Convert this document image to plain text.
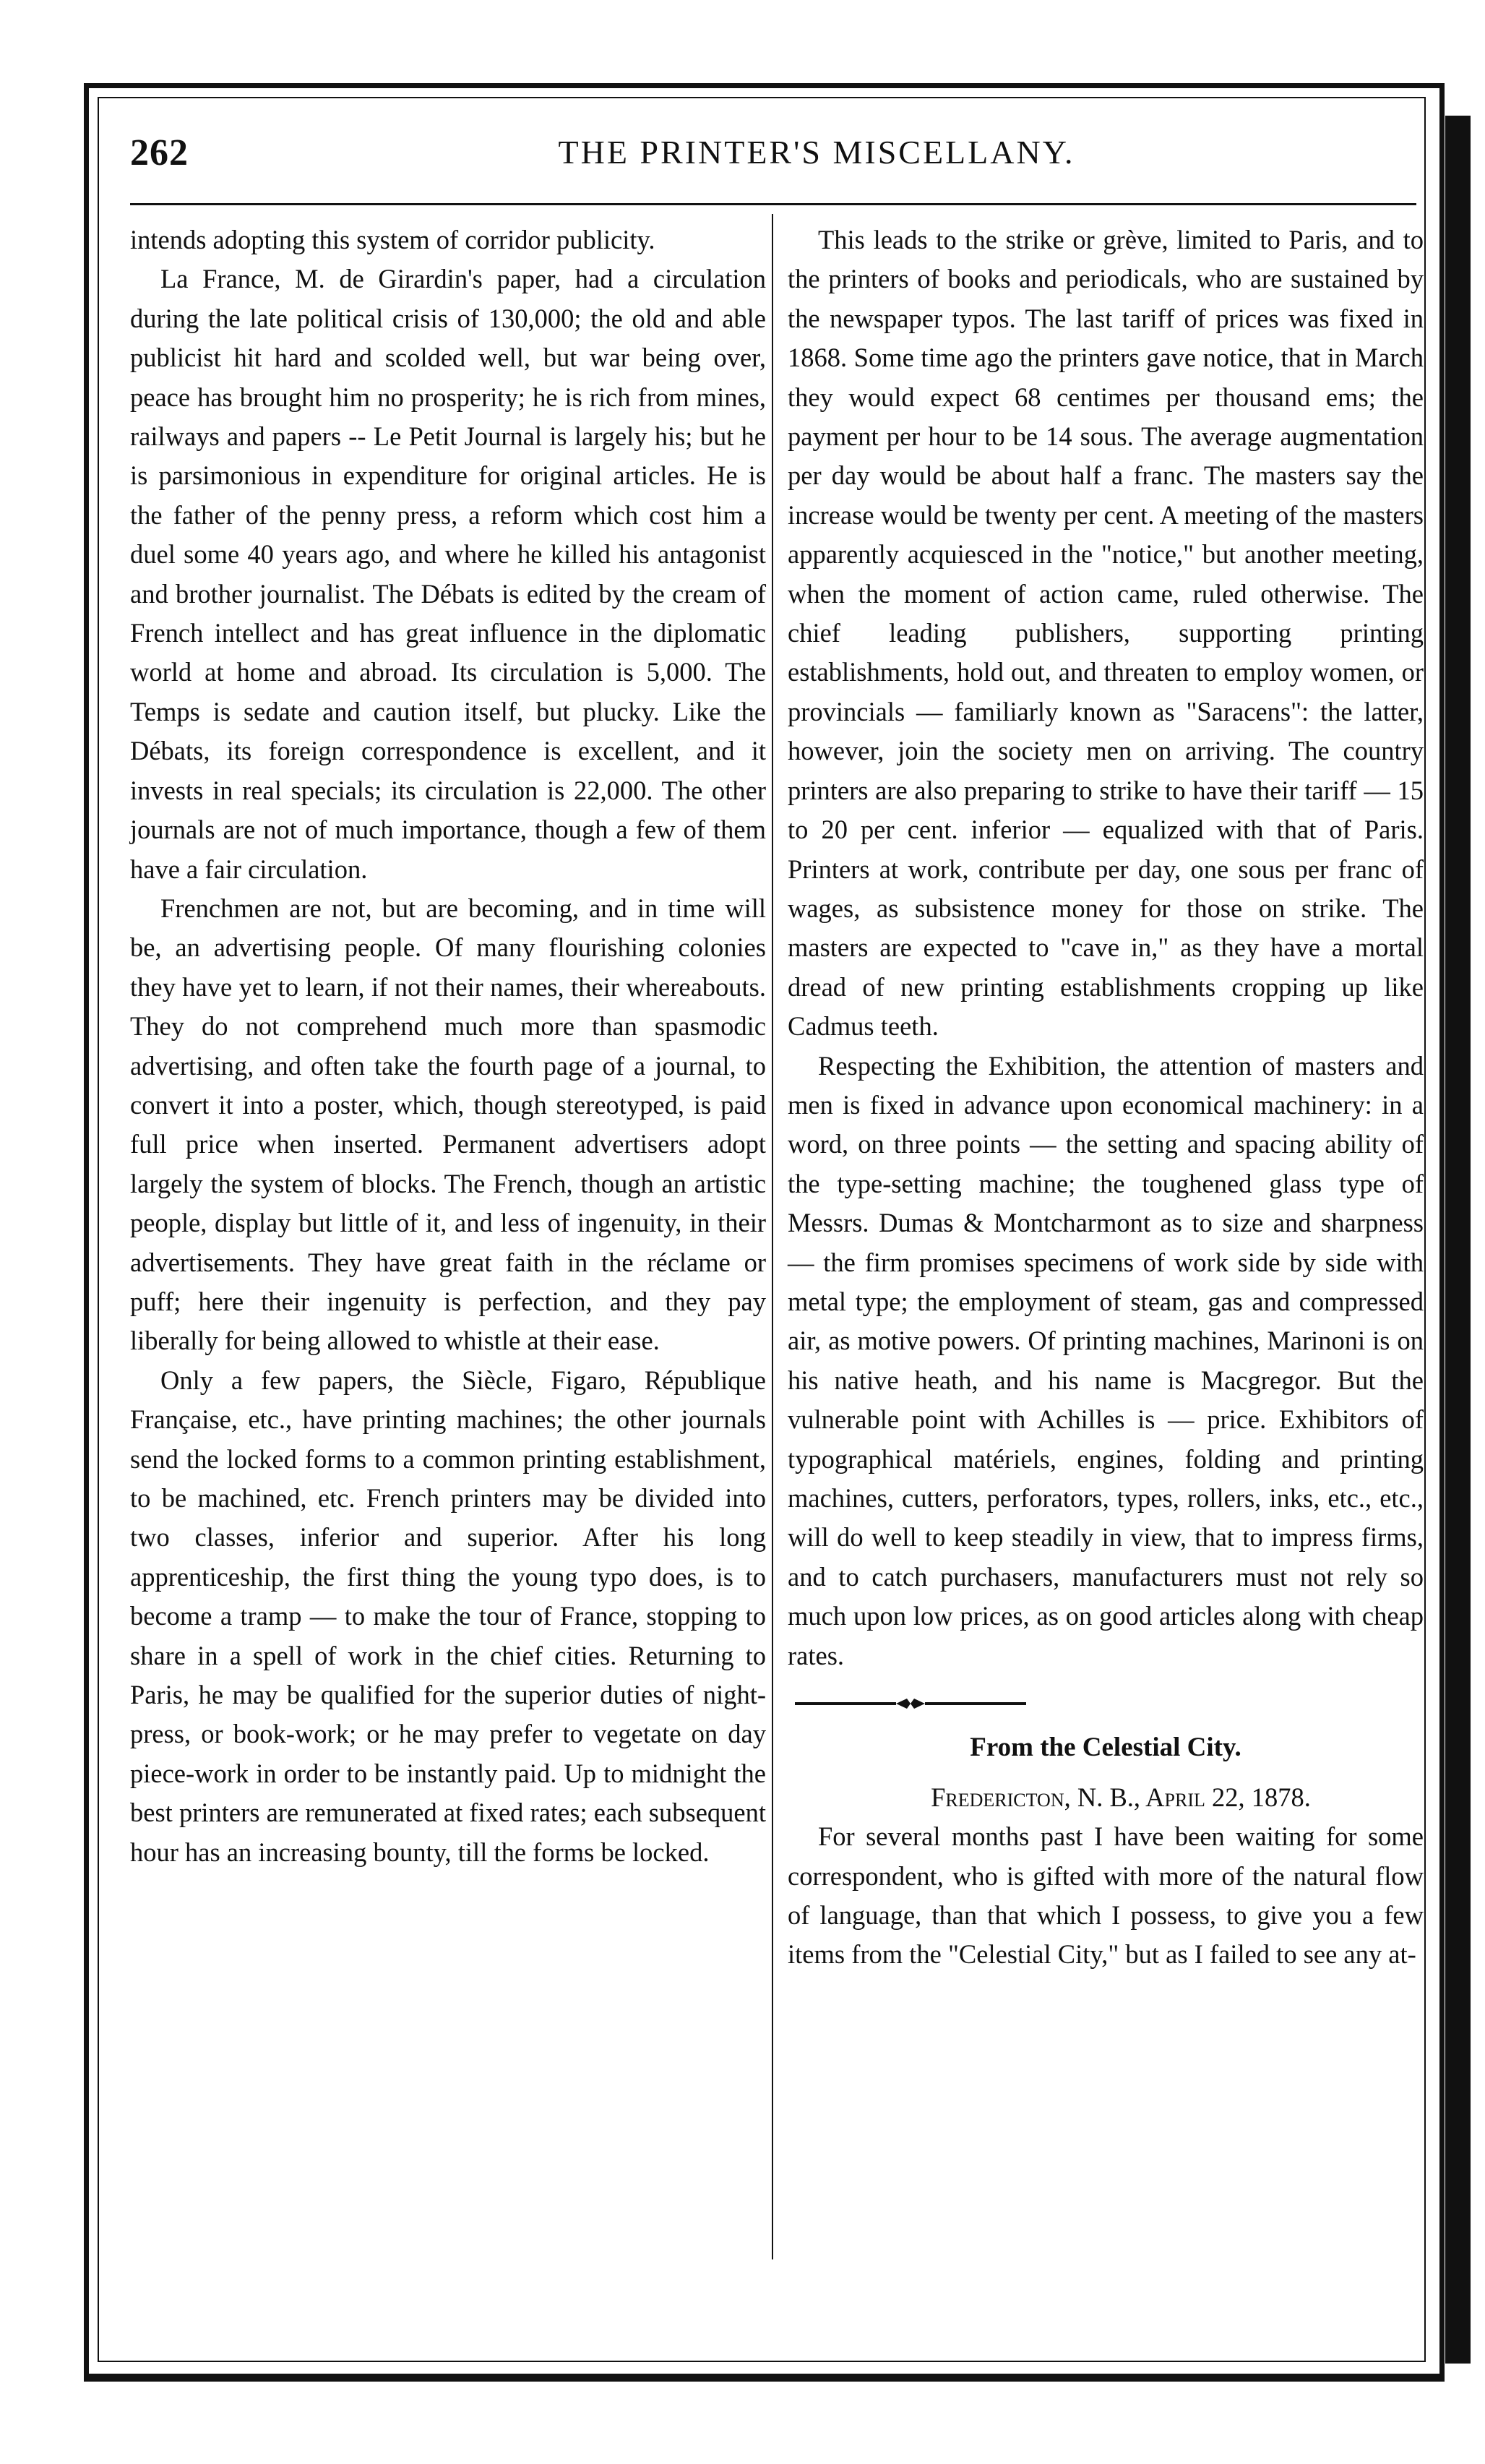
262	THE PRINTER'S MISCELLANY.

intends adopting this system of corridor publicity.

La France, M. de Girardin's paper, had a circulation during the late political crisis of 130,000; the old and able publicist hit hard and scolded well, but war being over, peace has brought him no prosperity; he is rich from mines, railways and papers -- Le Petit Journal is largely his; but he is parsimonious in expenditure for original articles. He is the father of the penny press, a reform which cost him a duel some 40 years ago, and where he killed his antagonist and brother journalist. The Débats is edited by the cream of French intellect and has great influence in the diplomatic world at home and abroad. Its circulation is 5,000. The Temps is sedate and caution itself, but plucky. Like the Débats, its foreign correspondence is excellent, and it invests in real specials; its circulation is 22,000. The other journals are not of much importance, though a few of them have a fair circulation.

Frenchmen are not, but are becoming, and in time will be, an advertising people. Of many flourishing colonies they have yet to learn, if not their names, their whereabouts. They do not comprehend much more than spasmodic advertising, and often take the fourth page of a journal, to convert it into a poster, which, though stereotyped, is paid full price when inserted. Permanent advertisers adopt largely the system of blocks. The French, though an artistic people, display but little of it, and less of ingenuity, in their advertisements. They have great faith in the réclame or puff; here their ingenuity is perfection, and they pay liberally for being allowed to whistle at their ease.

Only a few papers, the Siècle, Figaro, République Française, etc., have printing machines; the other journals send the locked forms to a common printing establishment, to be machined, etc. French printers may be divided into two classes, inferior and superior. After his long apprenticeship, the first thing the young typo does, is to become a tramp — to make the tour of France, stopping to share in a spell of work in the chief cities. Returning to Paris, he may be qualified for the superior duties of night-press, or book-work; or he may prefer to vegetate on day piece-work in order to be instantly paid. Up to midnight the best printers are remunerated at fixed rates; each subsequent hour has an increasing bounty, till the forms be locked.

This leads to the strike or grève, limited to Paris, and to the printers of books and periodicals, who are sustained by the newspaper typos. The last tariff of prices was fixed in 1868. Some time ago the printers gave notice, that in March they would expect 68 centimes per thousand ems; the payment per hour to be 14 sous. The average augmentation per day would be about half a franc. The masters say the increase would be twenty per cent. A meeting of the masters apparently acquiesced in the "notice," but another meeting, when the moment of action came, ruled otherwise. The chief leading publishers, supporting printing establishments, hold out, and threaten to employ women, or provincials — familiarly known as "Saracens": the latter, however, join the society men on arriving. The country printers are also preparing to strike to have their tariff — 15 to 20 per cent. inferior — equalized with that of Paris. Printers at work, contribute per day, one sous per franc of wages, as subsistence money for those on strike. The masters are expected to "cave in," as they have a mortal dread of new printing establishments cropping up like Cadmus teeth.

Respecting the Exhibition, the attention of masters and men is fixed in advance upon economical machinery: in a word, on three points — the setting and spacing ability of the type-setting machine; the toughened glass type of Messrs. Dumas & Montcharmont as to size and sharpness — the firm promises specimens of work side by side with metal type; the employment of steam, gas and compressed air, as motive powers. Of printing machines, Marinoni is on his native heath, and his name is Macgregor. But the vulnerable point with Achilles is — price. Exhibitors of typographical matériels, engines, folding and printing machines, cutters, perforators, types, rollers, inks, etc., etc., will do well to keep steadily in view, that to impress firms, and to catch purchasers, manufacturers must not rely so much upon low prices, as on good articles along with cheap rates.

From the Celestial City.

Fredericton, N. B., April 22, 1878.

For several months past I have been waiting for some correspondent, who is gifted with more of the natural flow of language, than that which I possess, to give you a few items from the "Celestial City," but as I failed to see any at-
